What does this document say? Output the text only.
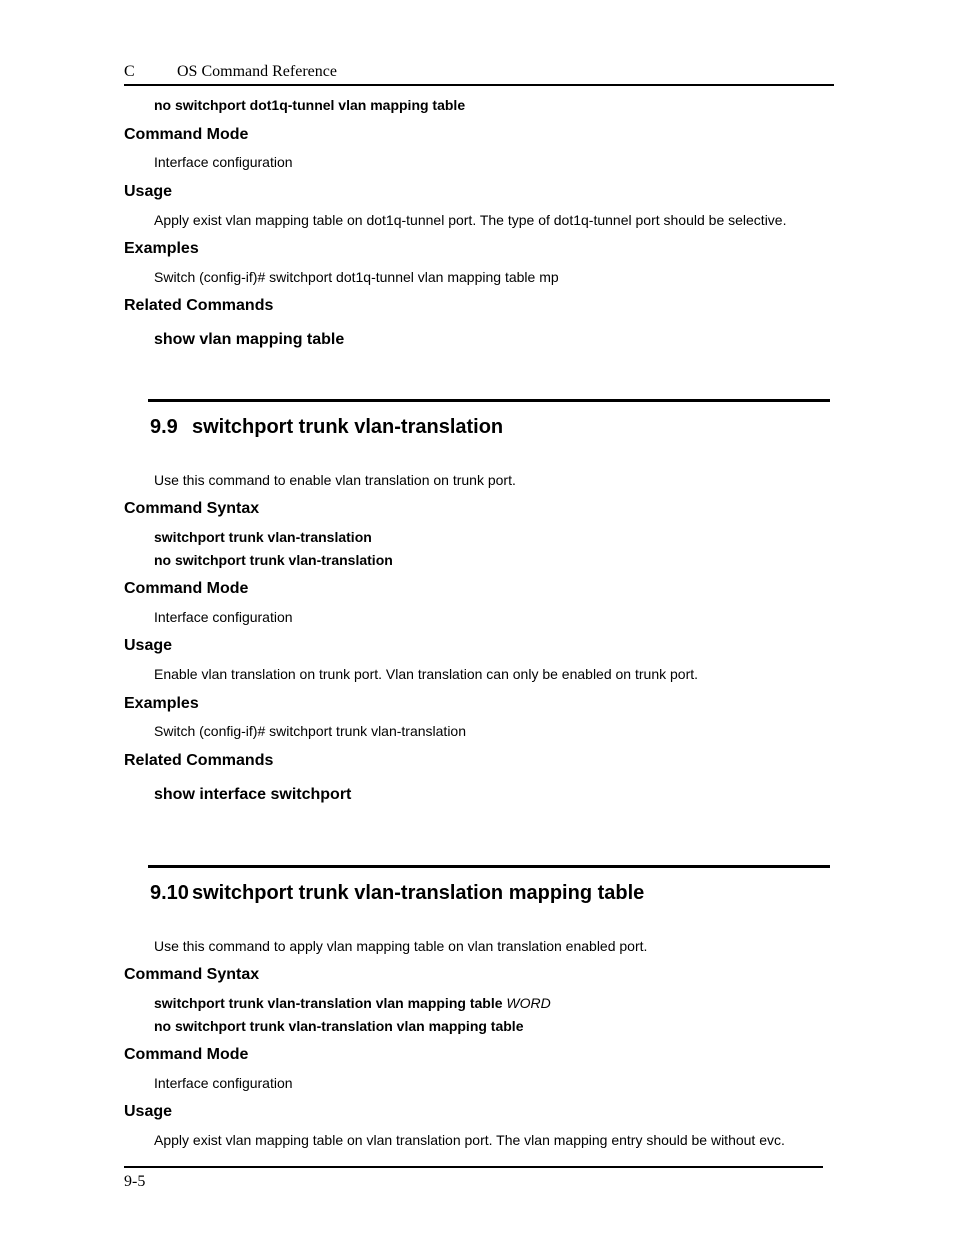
C	OS Command Reference
no switchport dot1q-tunnel vlan mapping table
Command Mode
Interface configuration
Usage
Apply exist vlan mapping table on dot1q-tunnel port. The type of dot1q-tunnel port should be selective.
Examples
Switch (config-if)# switchport dot1q-tunnel vlan mapping table mp
Related Commands
show vlan mapping table
9.9 switchport trunk vlan-translation
Use this command to enable vlan translation on trunk port.
Command Syntax
switchport trunk vlan-translation
no switchport trunk vlan-translation
Command Mode
Interface configuration
Usage
Enable vlan translation on trunk port. Vlan translation can only be enabled on trunk port.
Examples
Switch (config-if)# switchport trunk vlan-translation
Related Commands
show interface switchport
9.10 switchport trunk vlan-translation mapping table
Use this command to apply vlan mapping table on vlan translation enabled port.
Command Syntax
switchport trunk vlan-translation vlan mapping table WORD
no switchport trunk vlan-translation vlan mapping table
Command Mode
Interface configuration
Usage
Apply exist vlan mapping table on vlan translation port. The vlan mapping entry should be without evc.
9-5
